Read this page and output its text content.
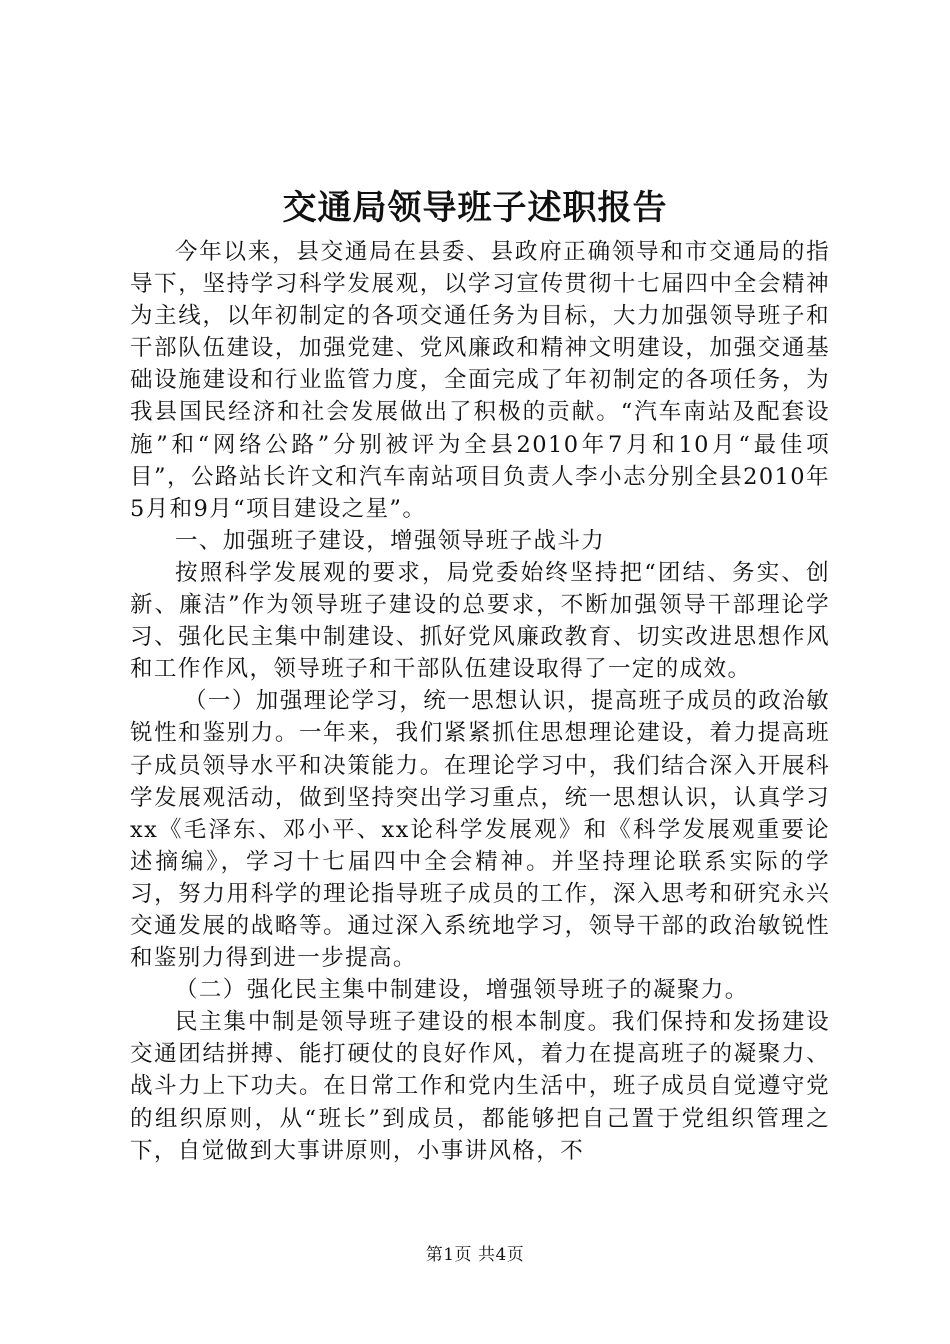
交通局领导班子述职报告

今年以来，县交通局在县委、县政府正确领导和市交通局的指导下，坚持学习科学发展观，以学习宣传贯彻十七届四中全会精神为主线，以年初制定的各项交通任务为目标，大力加强领导班子和干部队伍建设，加强党建、党风廉政和精神文明建设，加强交通基础设施建设和行业监管力度，全面完成了年初制定的各项任务，为我县国民经济和社会发展做出了积极的贡献。“汽车南站及配套设施”和“网络公路”分别被评为全县2010年7月和10月“最佳项目”，公路站长许文和汽车南站项目负责人李小志分别全县2010年5月和9月“项目建设之星”。

一、加强班子建设，增强领导班子战斗力

按照科学发展观的要求，局党委始终坚持把“团结、务实、创新、廉洁”作为领导班子建设的总要求，不断加强领导干部理论学习、强化民主集中制建设、抓好党风廉政教育、切实改进思想作风和工作作风，领导班子和干部队伍建设取得了一定的成效。

（一）加强理论学习，统一思想认识，提高班子成员的政治敏锐性和鉴别力。一年来，我们紧紧抓住思想理论建设，着力提高班子成员领导水平和决策能力。在理论学习中，我们结合深入开展科学发展观活动，做到坚持突出学习重点，统一思想认识，认真学习xx《毛泽东、邓小平、xx论科学发展观》和《科学发展观重要论述摘编》，学习十七届四中全会精神。并坚持理论联系实际的学习，努力用科学的理论指导班子成员的工作，深入思考和研究永兴交通发展的战略等。通过深入系统地学习，领导干部的政治敏锐性和鉴别力得到进一步提高。

（二）强化民主集中制建设，增强领导班子的凝聚力。

民主集中制是领导班子建设的根本制度。我们保持和发扬建设交通团结拼搏、能打硬仗的良好作风，着力在提高班子的凝聚力、战斗力上下功夫。在日常工作和党内生活中，班子成员自觉遵守党的组织原则，从“班长”到成员，都能够把自己置于党组织管理之下，自觉做到大事讲原则，小事讲风格，不

第1页 共4页
